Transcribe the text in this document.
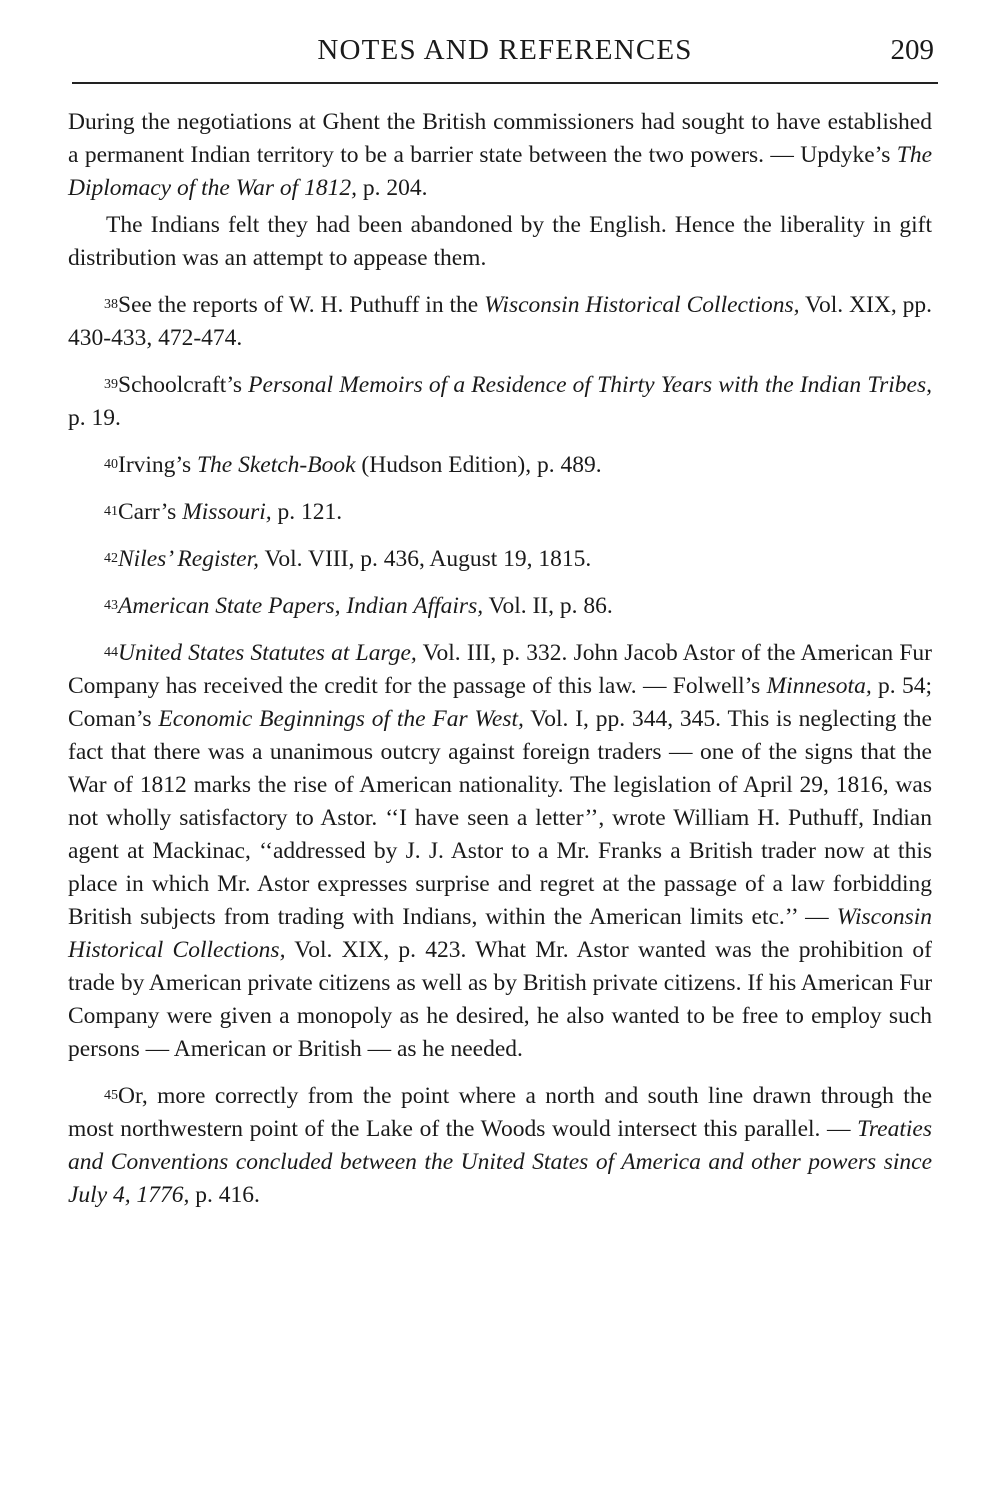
NOTES AND REFERENCES	209

During the negotiations at Ghent the British commissioners had sought to have established a permanent Indian territory to be a barrier state between the two powers. — Updyke’s The Diplomacy of the War of 1812, p. 204.

The Indians felt they had been abandoned by the English. Hence the liberality in gift distribution was an attempt to appease them.

$^{38}$See the reports of W. H. Puthuff in the Wisconsin Historical Collections, Vol. XIX, pp. 430-433, 472-474.

$^{39}$Schoolcraft’s Personal Memoirs of a Residence of Thirty Years with the Indian Tribes, p. 19.

$^{40}$Irving’s The Sketch-Book (Hudson Edition), p. 489.

$^{41}$Carr’s Missouri, p. 121.

$^{42}$Niles’ Register, Vol. VIII, p. 436, August 19, 1815.

$^{43}$American State Papers, Indian Affairs, Vol. II, p. 86.

$^{44}$United States Statutes at Large, Vol. III, p. 332. John Jacob Astor of the American Fur Company has received the credit for the passage of this law. — Folwell’s Minnesota, p. 54; Coman’s Economic Beginnings of the Far West, Vol. I, pp. 344, 345. This is neglecting the fact that there was a unanimous outcry against foreign traders — one of the signs that the War of 1812 marks the rise of American nationality. The legislation of April 29, 1816, was not wholly satisfactory to Astor. ‘‘I have seen a letter’’, wrote William H. Puthuff, Indian agent at Mackinac, ‘‘addressed by J. J. Astor to a Mr. Franks a British trader now at this place in which Mr. Astor expresses surprise and regret at the passage of a law forbidding British subjects from trading with Indians, within the American limits etc.’’ — Wisconsin Historical Collections, Vol. XIX, p. 423. What Mr. Astor wanted was the prohibition of trade by American private citizens as well as by British private citizens. If his American Fur Company were given a monopoly as he desired, he also wanted to be free to employ such persons — American or British — as he needed.

$^{45}$Or, more correctly from the point where a north and south line drawn through the most northwestern point of the Lake of the Woods would intersect this parallel. — Treaties and Conventions concluded between the United States of America and other powers since July 4, 1776, p. 416.
